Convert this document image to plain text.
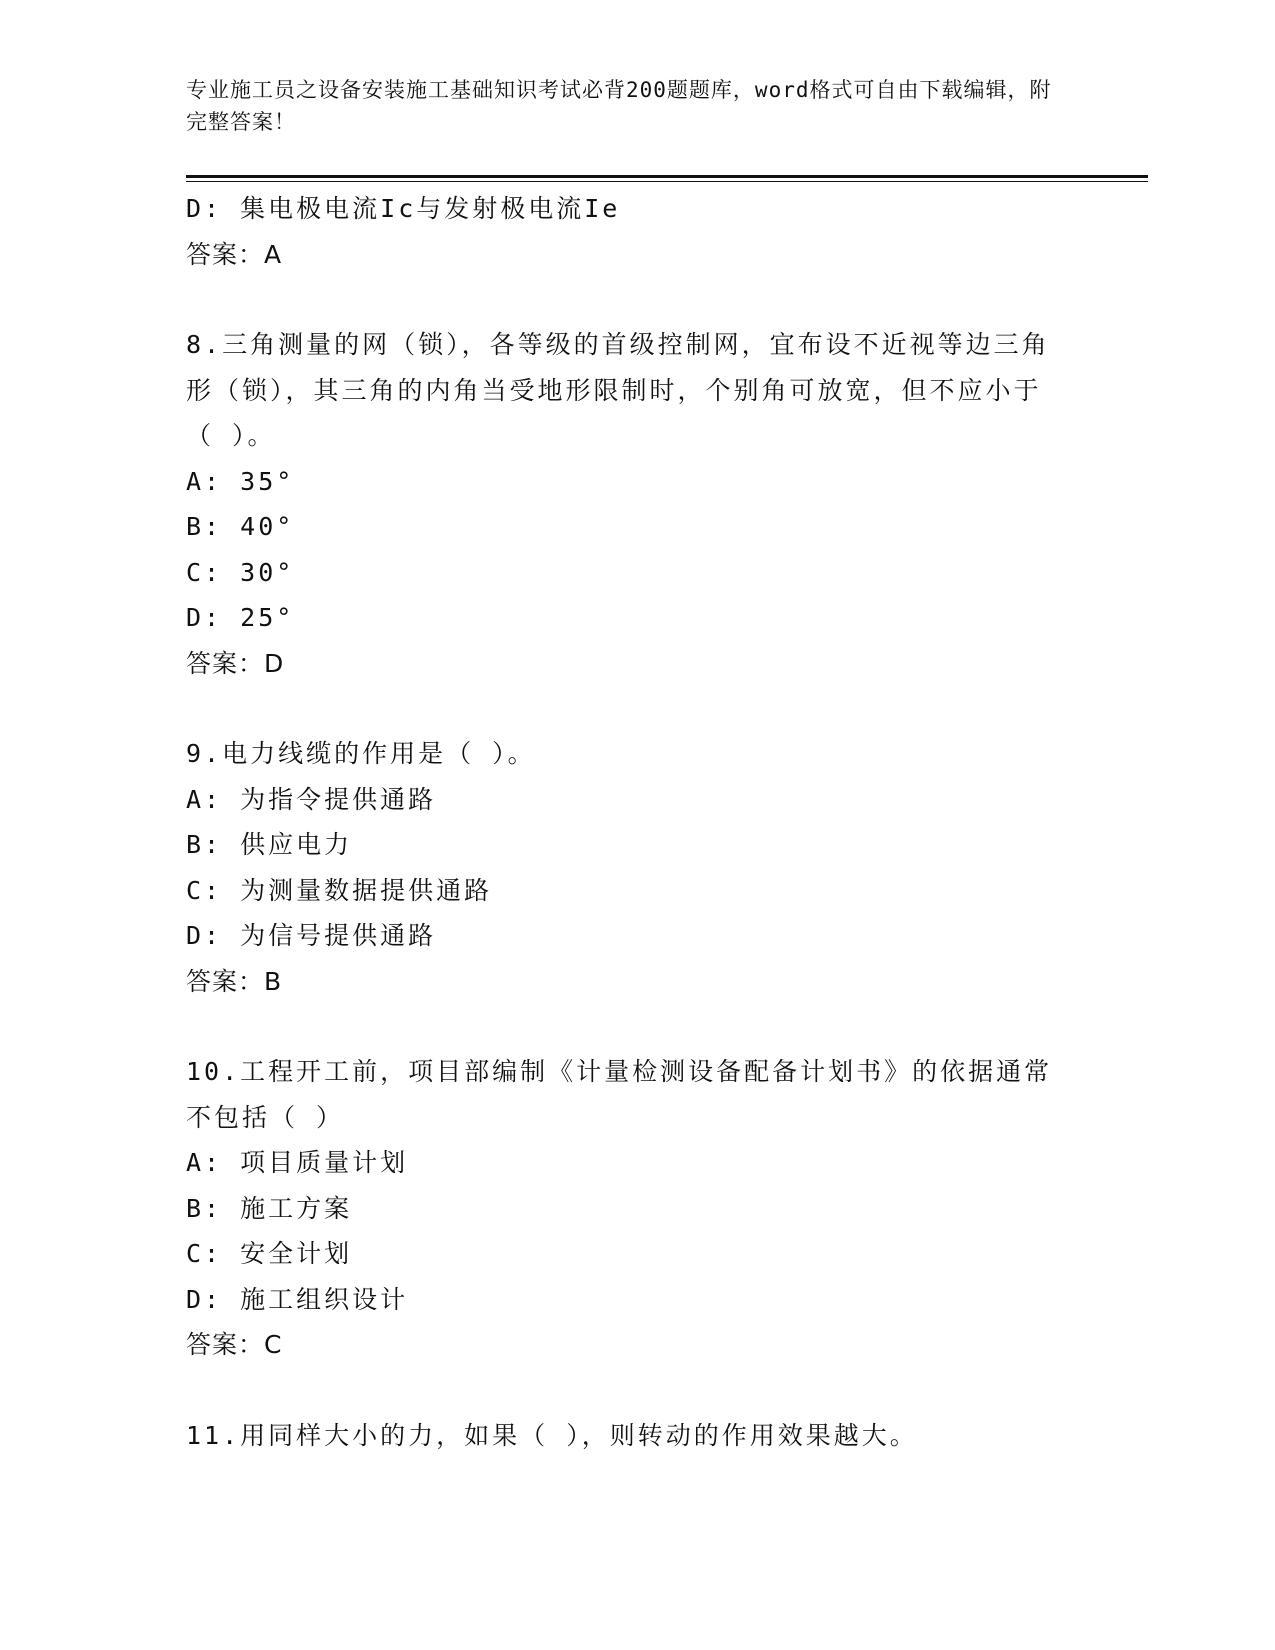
专业施工员之设备安装施工基础知识考试必背200题题库，word格式可自由下载编辑，附完整答案！
D: 集电极电流Ic与发射极电流Ie
答案：A
8.三角测量的网（锁），各等级的首级控制网，宜布设不近视等边三角形（锁），其三角的内角当受地形限制时，个别角可放宽，但不应小于（ ）。
A: 35°
B: 40°
C: 30°
D: 25°
答案：D
9.电力线缆的作用是（ ）。
A: 为指令提供通路
B: 供应电力
C: 为测量数据提供通路
D: 为信号提供通路
答案：B
10.工程开工前，项目部编制《计量检测设备配备计划书》的依据通常不包括（ ）
A: 项目质量计划
B: 施工方案
C: 安全计划
D: 施工组织设计
答案：C
11.用同样大小的力，如果（ ），则转动的作用效果越大。
